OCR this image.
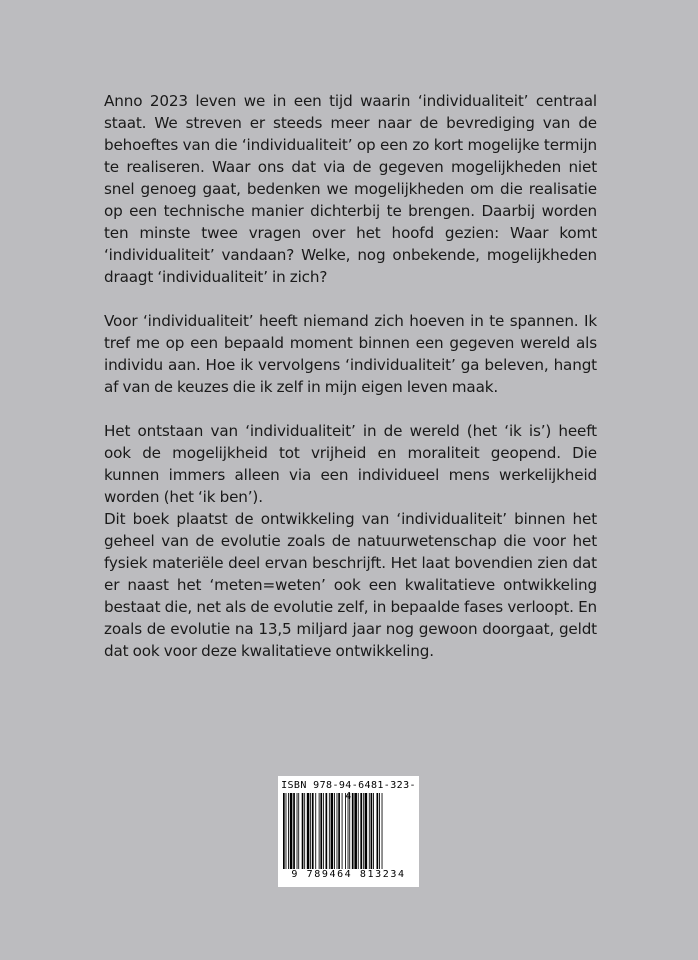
Anno 2023 leven we in een tijd waarin ‘individualiteit’ centraal staat. We streven er steeds meer naar de bevrediging van de behoeftes van die ‘individualiteit’ op een zo kort mogelijke termijn te realiseren. Waar ons dat via de gegeven mogelijkheden niet snel genoeg gaat, bedenken we mogelijkheden om die realisatie op een technische manier dichterbij te brengen. Daarbij worden ten minste twee vragen over het hoofd gezien: Waar komt ‘individualiteit’ vandaan? Welke, nog onbekende, mogelijkheden draagt ‘individualiteit’ in zich?

Voor ‘individualiteit’ heeft niemand zich hoeven in te spannen. Ik tref me op een bepaald moment binnen een gegeven wereld als individu aan. Hoe ik vervolgens ‘individualiteit’ ga beleven, hangt af van de keuzes die ik zelf in mijn eigen leven maak.

Het ontstaan van ‘individualiteit’ in de wereld (het ‘ik is’) heeft ook de mogelijkheid tot vrijheid en moraliteit geopend. Die kunnen immers alleen via een individueel mens werkelijkheid worden (het ‘ik ben’).

Dit boek plaatst de ontwikkeling van ‘individualiteit’ binnen het geheel van de evolutie zoals de natuurwetenschap die voor het fysiek materiële deel ervan beschrijft. Het laat bovendien zien dat er naast het ‘meten=weten’ ook een kwalitatieve ontwikkeling bestaat die, net als de evolutie zelf, in bepaalde fases verloopt. En zoals de evolutie na 13,5 miljard jaar nog gewoon doorgaat, geldt dat ook voor deze kwalitatieve ontwikkeling.

ISBN 978-94-6481-323-4
9 789464 813234
